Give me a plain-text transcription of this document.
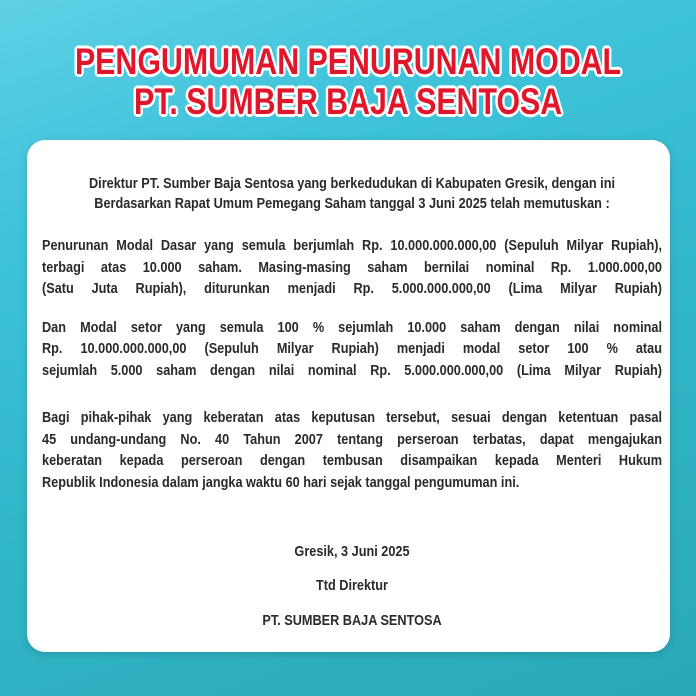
PENGUMUMAN PENURUNAN MODAL
PT. SUMBER BAJA SENTOSA
Direktur PT. Sumber Baja Sentosa yang berkedudukan di Kabupaten Gresik, dengan ini
Berdasarkan Rapat Umum Pemegang Saham tanggal 3 Juni 2025 telah memutuskan :
Penurunan Modal Dasar yang semula berjumlah Rp. 10.000.000.000,00 (Sepuluh Milyar Rupiah),
terbagi atas 10.000 saham. Masing-masing saham bernilai nominal Rp. 1.000.000,00
(Satu Juta Rupiah), diturunkan menjadi Rp. 5.000.000.000,00 (Lima Milyar Rupiah)
Dan Modal setor yang semula 100 % sejumlah 10.000 saham dengan nilai nominal
Rp. 10.000.000.000,00 (Sepuluh Milyar Rupiah) menjadi modal setor 100 % atau
sejumlah 5.000 saham dengan nilai nominal Rp. 5.000.000.000,00 (Lima Milyar Rupiah)
Bagi pihak-pihak yang keberatan atas keputusan tersebut, sesuai dengan ketentuan pasal
45 undang-undang No. 40 Tahun 2007 tentang perseroan terbatas, dapat mengajukan
keberatan kepada perseroan dengan tembusan disampaikan kepada Menteri Hukum
Republik Indonesia dalam jangka waktu 60 hari sejak tanggal pengumuman ini.
Gresik, 3 Juni 2025
Ttd Direktur
PT. SUMBER BAJA SENTOSA
